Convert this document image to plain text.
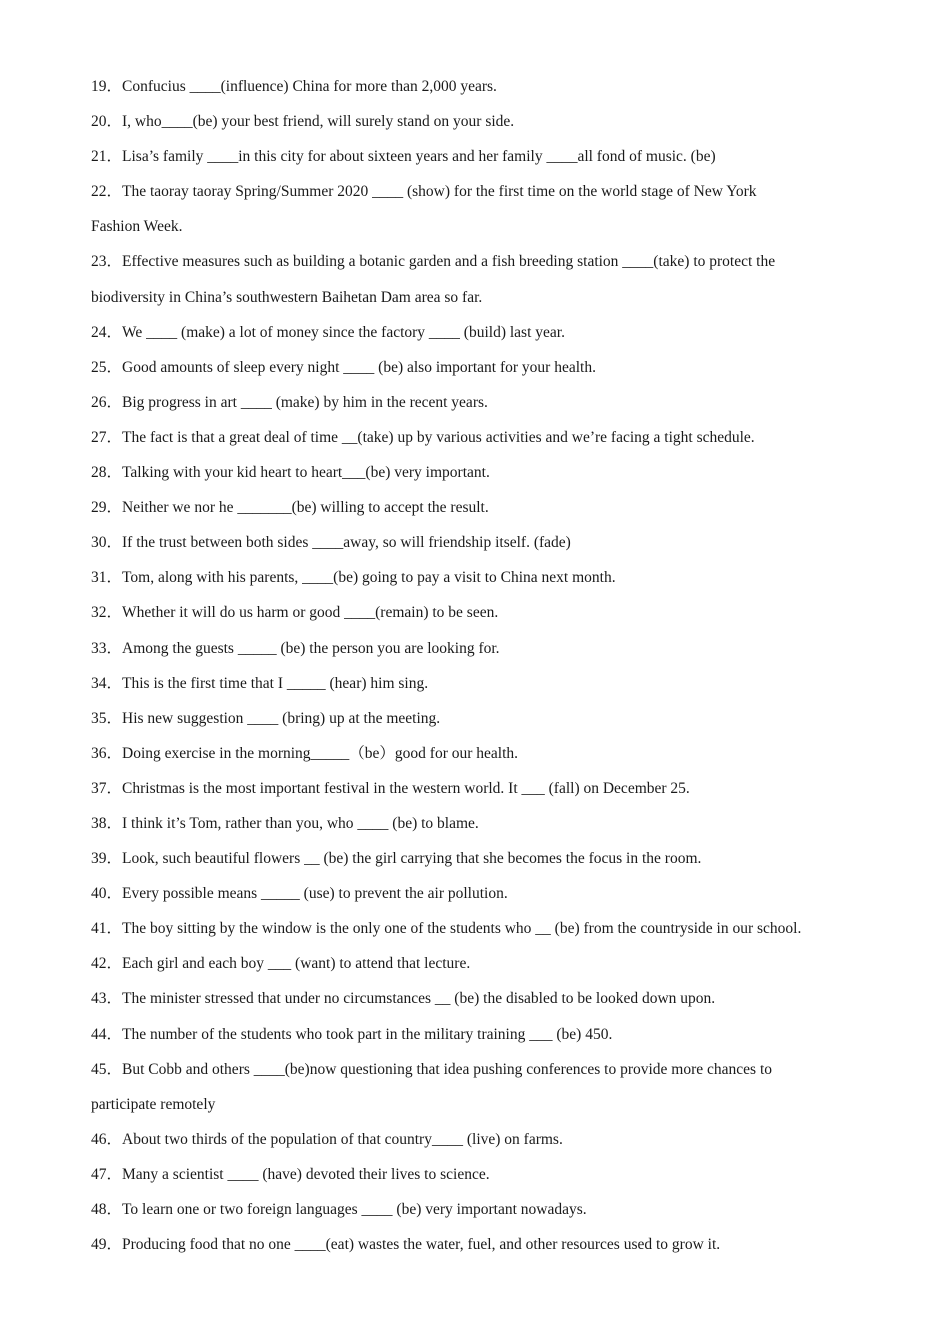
19．Confucius ____(influence) China for more than 2,000 years.
20．I, who____(be) your best friend, will surely stand on your side.
21．Lisa’s family ____in this city for about sixteen years and her family ____all fond of music. (be)
22．The taoray taoray Spring/Summer 2020 ____ (show) for the first time on the world stage of New York
Fashion Week.
23．Effective measures such as building a botanic garden and a fish breeding station ____(take) to protect the
biodiversity in China’s southwestern Baihetan Dam area so far.
24．We ____ (make) a lot of money since the factory ____ (build) last year.
25．Good amounts of sleep every night ____ (be) also important for your health.
26．Big progress in art ____ (make) by him in the recent years.
27．The fact is that a great deal of time __(take) up by various activities and we’re facing a tight schedule.
28．Talking with your kid heart to heart___(be) very important.
29．Neither we nor he _______(be) willing to accept the result.
30．If the trust between both sides ____away, so will friendship itself. (fade)
31．Tom, along with his parents, ____(be) going to pay a visit to China next month.
32．Whether it will do us harm or good ____(remain) to be seen.
33．Among the guests _____ (be) the person you are looking for.
34．This is the first time that I _____ (hear) him sing.
35．His new suggestion ____ (bring) up at the meeting.
36．Doing exercise in the morning_____（be）good for our health.
37．Christmas is the most important festival in the western world. It ___ (fall) on December 25.
38．I think it’s Tom, rather than you, who ____ (be) to blame.
39．Look, such beautiful flowers __ (be) the girl carrying that she becomes the focus in the room.
40．Every possible means _____ (use) to prevent the air pollution.
41．The boy sitting by the window is the only one of the students who __ (be) from the countryside in our school.
42．Each girl and each boy ___ (want) to attend that lecture.
43．The minister stressed that under no circumstances __ (be) the disabled to be looked down upon.
44．The number of the students who took part in the military training ___ (be) 450.
45．But Cobb and others ____(be)now questioning that idea pushing conferences to provide more chances to
participate remotely
46．About two thirds of the population of that country____ (live) on farms.
47．Many a scientist ____ (have) devoted their lives to science.
48．To learn one or two foreign languages ____ (be) very important nowadays.
49．Producing food that no one ____(eat) wastes the water, fuel, and other resources used to grow it.
